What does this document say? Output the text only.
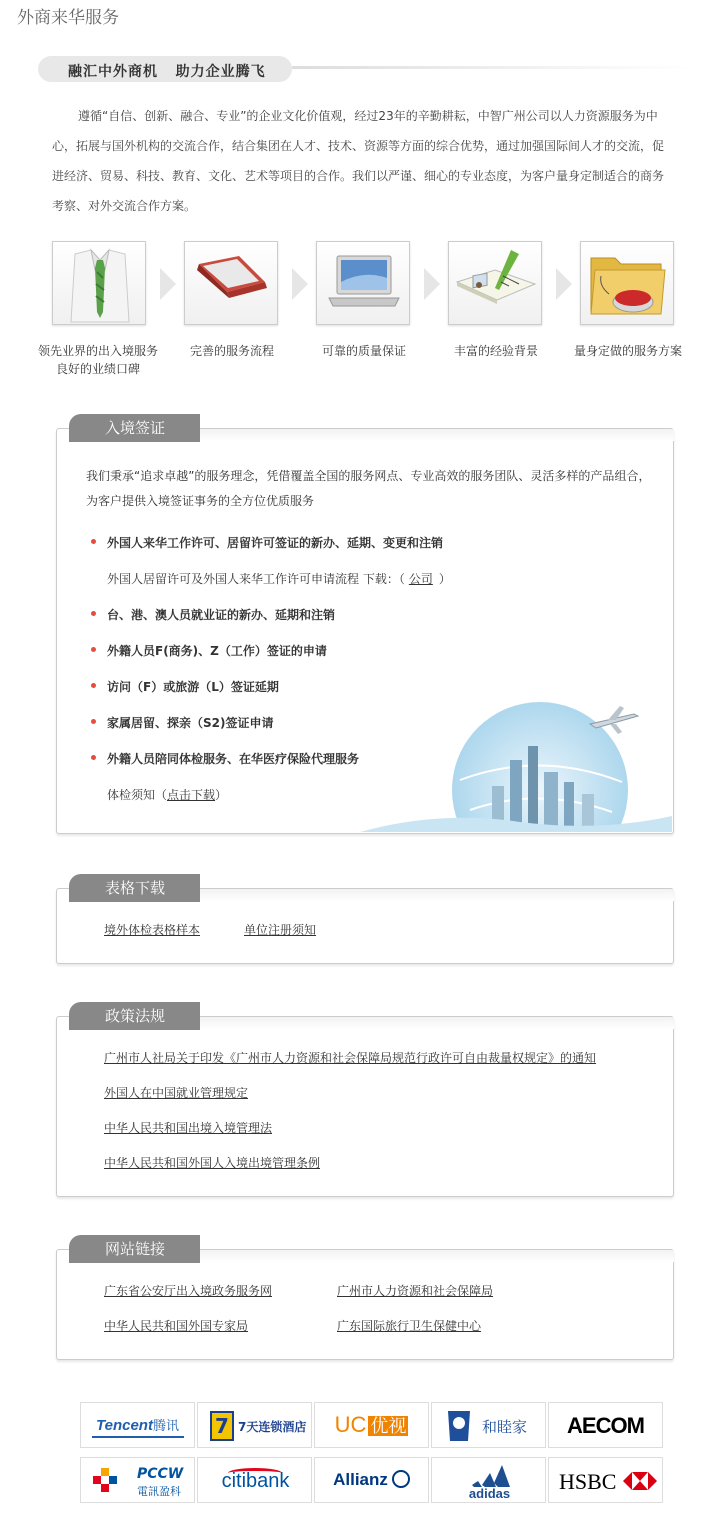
外商来华服务
融汇中外商机   助力企业腾飞

遵循“自信、创新、融合、专业”的企业文化价值观，经过23年的辛勤耕耘，中智广州公司以人力资源服务为中心，拓展与国外机构的交流合作，结合集团在人才、技术、资源等方面的综合优势，通过加强国际间人才的交流，促进经济、贸易、科技、教育、文化、艺术等项目的合作。我们以严谨、细心的专业态度，为客户量身定制适合的商务考察、对外交流合作方案。

领先业界的出入境服务
良好的业绩口碑
完善的服务流程	可靠的质量保证	丰富的经验背景	量身定做的服务方案
入境签证
我们秉承“追求卓越”的服务理念，凭借覆盖全国的服务网点、专业高效的服务团队、灵活多样的产品组合，
为客户提供入境签证事务的全方位优质服务
外国人来华工作许可、居留许可签证的新办、延期、变更和注销
外国人居留许可及外国人来华工作许可申请流程 下载：（ 公司 ）
台、港、澳人员就业证的新办、延期和注销
外籍人员F(商务)、Z（工作）签证的申请
访问（F）或旅游（L）签证延期
家属居留、探亲（S2)签证申请
外籍人员陪同体检服务、在华医疗保险代理服务
体检须知（点击下载）
表格下载
境外体检表格样本	单位注册须知
政策法规
广州市人社局关于印发《广州市人力资源和社会保障局规范行政许可自由裁量权规定》的通知
外国人在中国就业管理规定
中华人民共和国出境入境管理法
中华人民共和国外国人入境出境管理条例
网站链接
广东省公安厅出入境政务服务网	广州市人力资源和社会保障局
中华人民共和国外国专家局	广东国际旅行卫生保健中心
Tencent腾讯	7 7天连锁酒店	UC 优视	和睦家	AECOM
PCCW
電訊盈科	citibank	Allianz
adidas	HSBC
